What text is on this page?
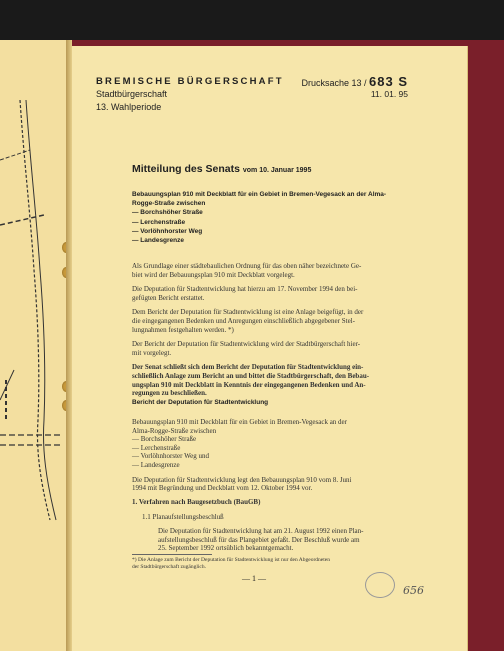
BREMISCHE BÜRGERSCHAFT
Stadtbürgerschaft
13. Wahlperiode
Drucksache 13 / 683 S
11. 01. 95
Mitteilung des Senats vom 10. Januar 1995
Bebauungsplan 910 mit Deckblatt für ein Gebiet in Bremen-Vegesack an der Alma-
Rogge-Straße zwischen
— Borchshöher Straße
— Lerchenstraße
— Vorlöhnhorster Weg
— Landesgrenze
Als Grundlage einer städtebaulichen Ordnung für das oben näher bezeichnete Ge-
biet wird der Bebauungsplan 910 mit Deckblatt vorgelegt.
Die Deputation für Stadtentwicklung hat hierzu am 17. November 1994 den bei-
gefügten Bericht erstattet.
Dem Bericht der Deputation für Stadtentwicklung ist eine Anlage beigefügt, in der
die eingegangenen Bedenken und Anregungen einschließlich abgegebener Stel-
lungnahmen festgehalten werden. *)
Der Bericht der Deputation für Stadtentwicklung wird der Stadtbürgerschaft hier-
mit vorgelegt.
Der Senat schließt sich dem Bericht der Deputation für Stadtentwicklung ein-
schließlich Anlage zum Bericht an und bittet die Stadtbürgerschaft, den Bebau-
ungsplan 910 mit Deckblatt in Kenntnis der eingegangenen Bedenken und An-
regungen zu beschließen.
Bericht der Deputation für Stadtentwicklung
Bebauungsplan 910 mit Deckblatt für ein Gebiet in Bremen-Vegesack an der
Alma-Rogge-Straße zwischen
— Borchshöher Straße
— Lerchenstraße
— Vorlöhnhorster Weg und
— Landesgrenze
Die Deputation für Stadtentwicklung legt den Bebauungsplan 910 vom 8. Juni
1994 mit Begründung und Deckblatt vom 12. Oktober 1994 vor.
1. Verfahren nach Baugesetzbuch (BauGB)
1.1 Planaufstellungsbeschluß
Die Deputation für Stadtentwicklung hat am 21. August 1992 einen Plan-
aufstellungsbeschluß für das Plangebiet gefaßt. Der Beschluß wurde am
25. September 1992 ortsüblich bekanntgemacht.
*) Die Anlage zum Bericht der Deputation für Stadtentwicklung ist nur den Abgeordneten
der Stadtbürgerschaft zugänglich.
— 1 —
656
